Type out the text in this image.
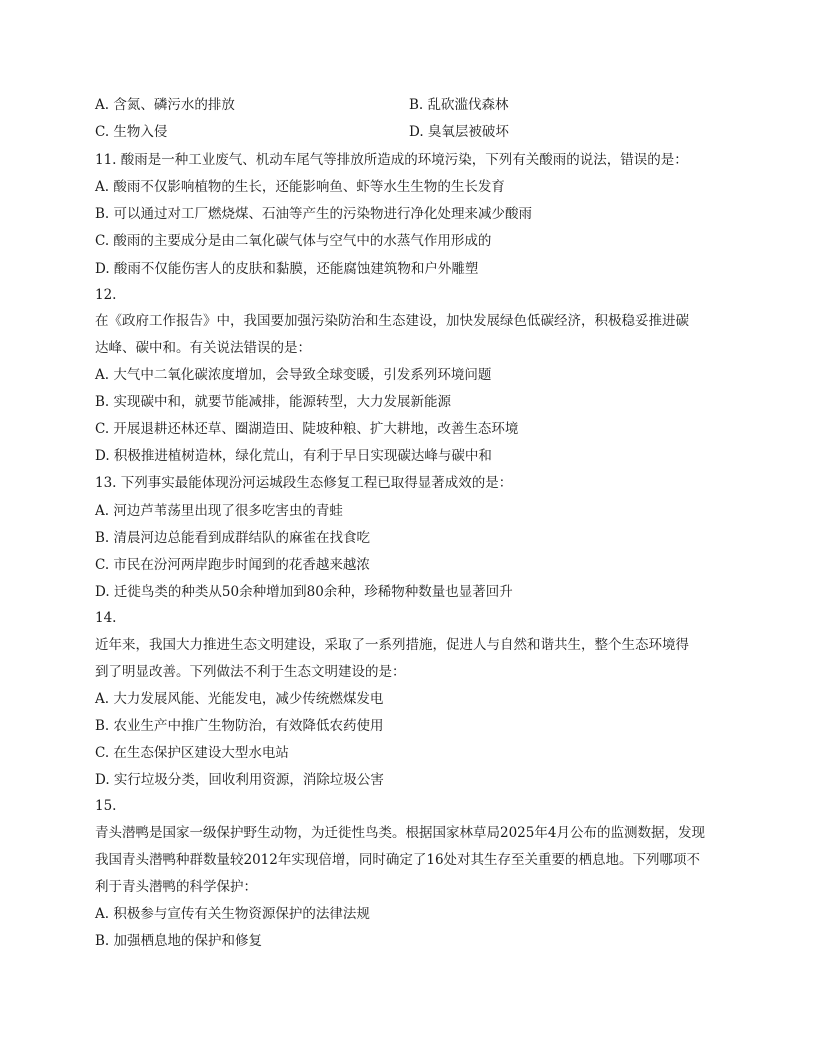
A. 含氮、磷污水的排放	B. 乱砍滥伐森林
C. 生物入侵	D. 臭氧层被破坏
11. 酸雨是一种工业废气、机动车尾气等排放所造成的环境污染，下列有关酸雨的说法，错误的是：
A. 酸雨不仅影响植物的生长，还能影响鱼、虾等水生生物的生长发育
B. 可以通过对工厂燃烧煤、石油等产生的污染物进行净化处理来减少酸雨
C. 酸雨的主要成分是由二氧化碳气体与空气中的水蒸气作用形成的
D. 酸雨不仅能伤害人的皮肤和黏膜，还能腐蚀建筑物和户外雕塑
12.
在《政府工作报告》中，我国要加强污染防治和生态建设，加快发展绿色低碳经济，积极稳妥推进碳
达峰、碳中和。有关说法错误的是：
A. 大气中二氧化碳浓度增加，会导致全球变暖，引发系列环境问题
B. 实现碳中和，就要节能减排，能源转型，大力发展新能源
C. 开展退耕还林还草、圈湖造田、陡坡种粮、扩大耕地，改善生态环境
D. 积极推进植树造林，绿化荒山，有利于早日实现碳达峰与碳中和
13. 下列事实最能体现汾河运城段生态修复工程已取得显著成效的是：
A. 河边芦苇荡里出现了很多吃害虫的青蛙
B. 清晨河边总能看到成群结队的麻雀在找食吃
C. 市民在汾河两岸跑步时闻到的花香越来越浓
D. 迁徙鸟类的种类从50余种增加到80余种，珍稀物种数量也显著回升
14.
近年来，我国大力推进生态文明建设，采取了一系列措施，促进人与自然和谐共生，整个生态环境得
到了明显改善。下列做法不利于生态文明建设的是：
A. 大力发展风能、光能发电，减少传统燃煤发电
B. 农业生产中推广生物防治，有效降低农药使用
C. 在生态保护区建设大型水电站
D. 实行垃圾分类，回收利用资源，消除垃圾公害
15.
青头潜鸭是国家一级保护野生动物，为迁徙性鸟类。根据国家林草局2025年4月公布的监测数据，发现
我国青头潜鸭种群数量较2012年实现倍增，同时确定了16处对其生存至关重要的栖息地。下列哪项不
利于青头潜鸭的科学保护：
A. 积极参与宣传有关生物资源保护的法律法规
B. 加强栖息地的保护和修复
